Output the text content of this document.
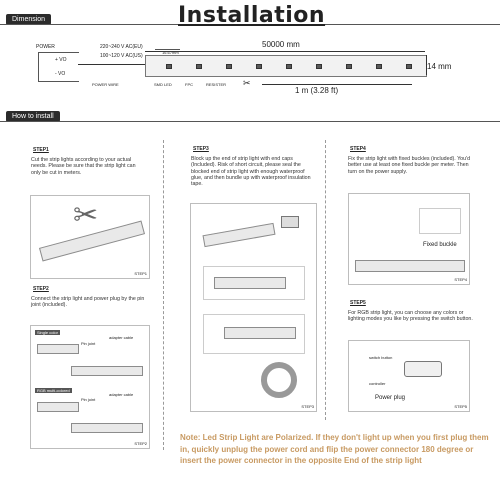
Dimension	Installation
POWER
+ VO
- VO
220~240 V AC(EU)
100~120 V AC(US)
16.67mm
50000 mm
14 mm
✂
1 m (3.28 ft)
POWER WIRE	SMD LED	FPC	RESISTER
How to install
STEP1
Cut the strip lights according to your actual needs. Please be sure that the strip light can only be cut in meters.
✂
STEP1
STEP2
Connect the strip light and power plug by the pin joint (included).
Single color
Pin joint
adapter cable
RGB multi-colored
Pin joint
adapter cable
STEP2
STEP3
Block up the end of strip light with end caps (Included). Risk of short circuit, please seal the blocked end of strip light with enough waterproof glue, and then bundle up with waterproof insulation tape.
STEP3
STEP4
Fix the strip light with fixed buckles (included). You'd better use at least one fixed buckle per meter. Then turn on the power supply.
Fixed buckle
STEP4
STEP5
For RGB strip light, you can choose any colors or lighting modes you like by pressing the switch button.
switch button
controller
Power plug
STEP5
Note: Led Strip Light are Polarized. If they don't light up when you first plug them in, quickly unplug the power cord and flip the power connector 180 degree or insert the power connector in the opposite End of the strip light
